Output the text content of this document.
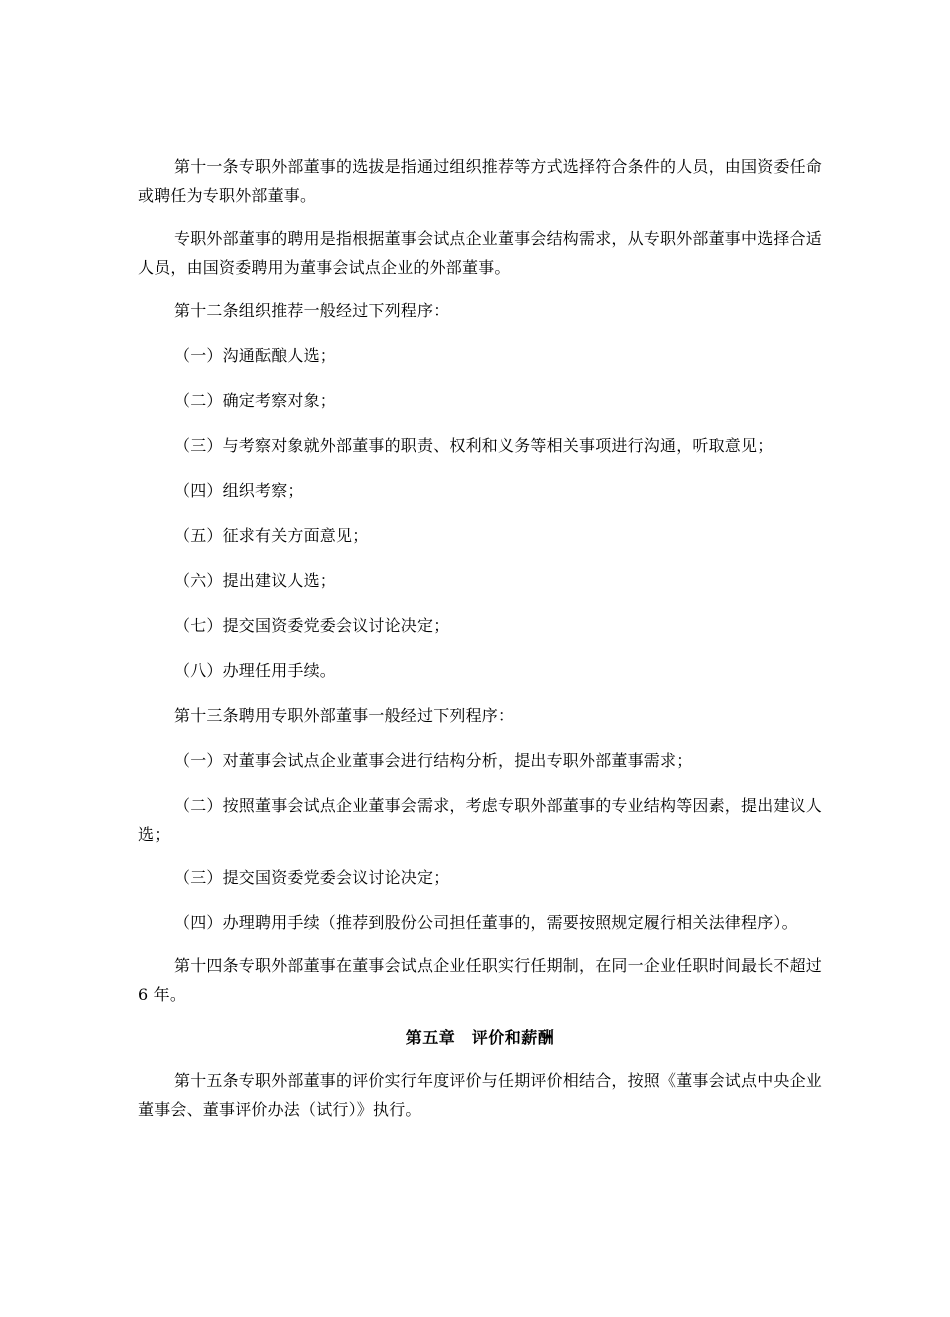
第十一条专职外部董事的选拔是指通过组织推荐等方式选择符合条件的人员，由国资委任命或聘任为专职外部董事。

专职外部董事的聘用是指根据董事会试点企业董事会结构需求，从专职外部董事中选择合适人员，由国资委聘用为董事会试点企业的外部董事。

第十二条组织推荐一般经过下列程序：

（一）沟通酝酿人选；

（二）确定考察对象；

（三）与考察对象就外部董事的职责、权利和义务等相关事项进行沟通，听取意见；

（四）组织考察；

（五）征求有关方面意见；

（六）提出建议人选；

（七）提交国资委党委会议讨论决定；

（八）办理任用手续。

第十三条聘用专职外部董事一般经过下列程序：

（一）对董事会试点企业董事会进行结构分析，提出专职外部董事需求；

（二）按照董事会试点企业董事会需求，考虑专职外部董事的专业结构等因素，提出建议人选；

（三）提交国资委党委会议讨论决定；

（四）办理聘用手续（推荐到股份公司担任董事的，需要按照规定履行相关法律程序）。

第十四条专职外部董事在董事会试点企业任职实行任期制，在同一企业任职时间最长不超过 6 年。

第五章　评价和薪酬

第十五条专职外部董事的评价实行年度评价与任期评价相结合，按照《董事会试点中央企业董事会、董事评价办法（试行）》执行。
